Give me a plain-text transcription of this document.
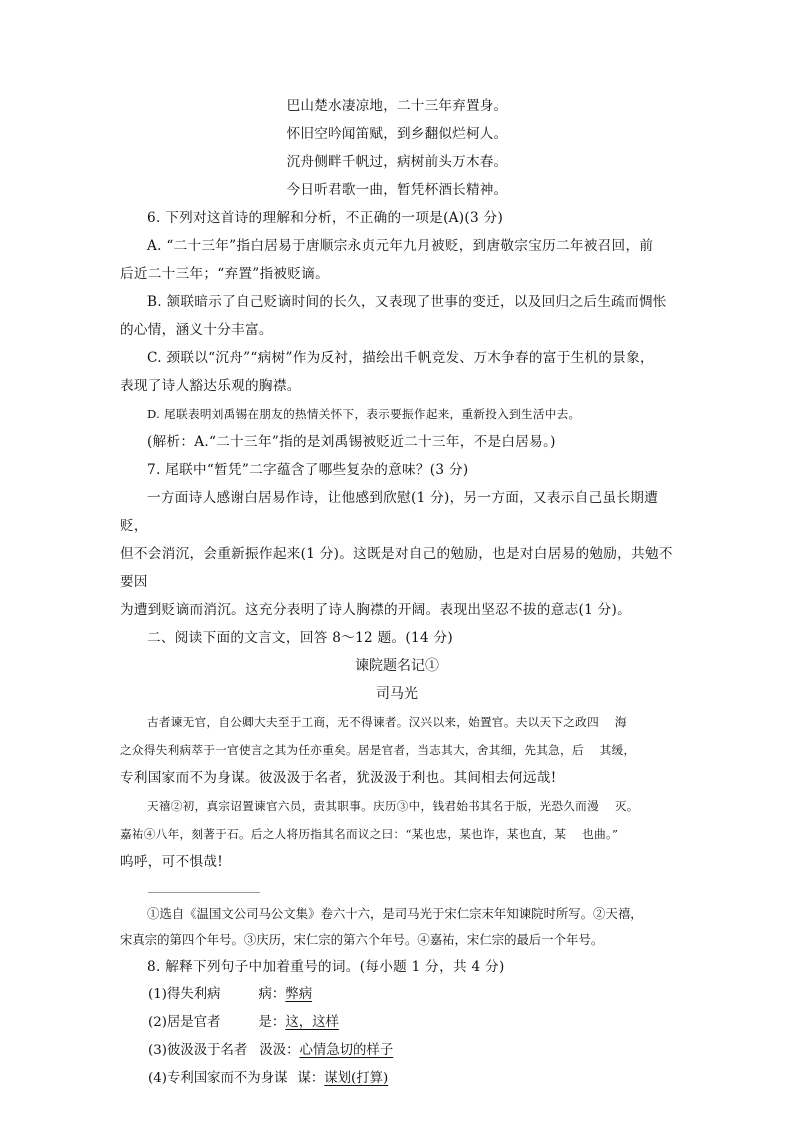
巴山楚水凄凉地，二十三年弃置身。
怀旧空吟闻笛赋，到乡翻似烂柯人。
沉舟侧畔千帆过，病树前头万木春。
今日听君歌一曲，暂凭杯酒长精神。
6. 下列对这首诗的理解和分析，不正确的一项是(A)(3 分)
A. “二十三年”指白居易于唐顺宗永贞元年九月被贬，到唐敬宗宝历二年被召回，前
后近二十三年；“弃置”指被贬谪。
B. 颔联暗示了自己贬谪时间的长久，又表现了世事的变迁，以及回归之后生疏而惆怅
的心情，涵义十分丰富。
C. 颈联以“沉舟”“病树”作为反衬，描绘出千帆竞发、万木争春的富于生机的景象，
表现了诗人豁达乐观的胸襟。
D. 尾联表明刘禹锡在朋友的热情关怀下，表示要振作起来，重新投入到生活中去。
(解析：A.“二十三年”指的是刘禹锡被贬近二十三年，不是白居易。)
7. 尾联中“暂凭”二字蕴含了哪些复杂的意味？(3 分)
一方面诗人感谢白居易作诗，让他感到欣慰(1 分)，另一方面，又表示自己虽长期遭贬，
但不会消沉，会重新振作起来(1 分)。这既是对自己的勉励，也是对白居易的勉励，共勉不要因
为遭到贬谪而消沉。这充分表明了诗人胸襟的开阔。表现出坚忍不拔的意志(1 分)。
二、阅读下面的文言文，回答 8～12 题。(14 分)
谏院题名记①
司马光
古者谏无官，自公卿大夫至于工商，无不得谏者。汉兴以来，始置官。夫以天下之政四　 海
之众得失利病萃于一官使言之其为任亦重矣。居是官者，当志其大，舍其细，先其急，后　 其缓，
专利国家而不为身谋。彼汲汲于名者，犹汲汲于利也。其间相去何远哉!
天禧②初，真宗诏置谏官六员，责其职事。庆历③中，钱君始书其名于版，光恐久而漫　 灭。
嘉祐④八年，刻著于石。后之人将历指其名而议之曰：“某也忠，某也诈，某也直，某　 也曲。”
呜呼，可不惧哉!
①选自《温国文公司马公文集》卷六十六，是司马光于宋仁宗末年知谏院时所写。②天禧，
宋真宗的第四个年号。③庆历，宋仁宗的第六个年号。④嘉祐，宋仁宗的最后一个年号。
8. 解释下列句子中加着重号的词。(每小题 1 分，共 4 分)
(1)得失利病	病：弊病
(2)居是官者	是：这，这样
(3)彼汲汲于名者 汲汲：心情急切的样子
(4)专利国家而不为身谋 谋：谋划(打算)
